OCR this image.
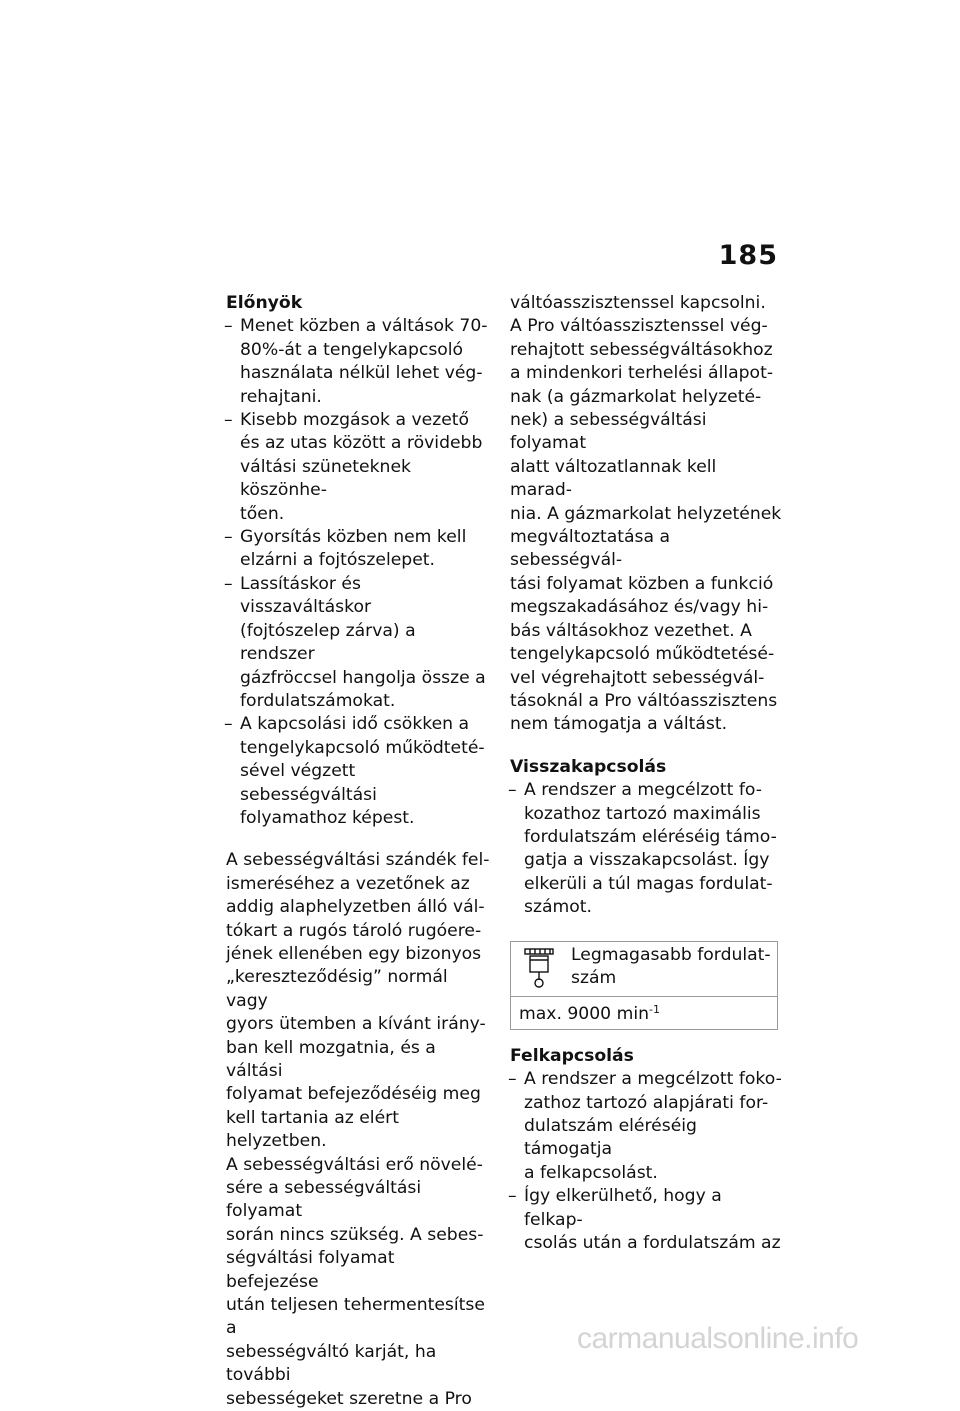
185

Előnyök

– Menet közben a váltások 70-
80%-át a tengelykapcsoló
használata nélkül lehet vég-
rehajtani.
– Kisebb mozgások a vezető
és az utas között a rövidebb
váltási szüneteknek köszönhe-
tően.
– Gyorsítás közben nem kell
elzárni a fojtószelepet.
– Lassításkor és visszaváltáskor
(fojtószelep zárva) a rendszer
gázfröccsel hangolja össze a
fordulatszámokat.
– A kapcsolási idő csökken a
tengelykapcsoló működteté-
sével végzett sebességváltási
folyamathoz képest.

A sebességváltási szándék fel-
ismeréséhez a vezetőnek az
addig alaphelyzetben álló vál-
tókart a rugós tároló rugóere-
jének ellenében egy bizonyos
„kereszteződésig” normál vagy
gyors ütemben a kívánt irány-
ban kell mozgatnia, és a váltási
folyamat befejeződéséig meg
kell tartania az elért helyzetben.
A sebességváltási erő növelé-
sére a sebességváltási folyamat
során nincs szükség. A sebes-
ségváltási folyamat befejezése
után teljesen tehermentesítse a
sebességváltó karját, ha további
sebességeket szeretne a Pro

váltóasszisztenssel kapcsolni.
A Pro váltóasszisztenssel vég-
rehajtott sebességváltásokhoz
a mindenkori terhelési állapot-
nak (a gázmarkolat helyzeté-
nek) a sebességváltási folyamat
alatt változatlannak kell marad-
nia. A gázmarkolat helyzetének
megváltoztatása a sebességvál-
tási folyamat közben a funkció
megszakadásához és/vagy hi-
bás váltásokhoz vezethet. A
tengelykapcsoló működtetésé-
vel végrehajtott sebességvál-
tásoknál a Pro váltóasszisztens
nem támogatja a váltást.

Visszakapcsolás

– A rendszer a megcélzott fo-
kozathoz tartozó maximális
fordulatszám eléréséig támo-
gatja a visszakapcsolást. Így
elkerüli a túl magas fordulat-
számot.
Legmagasabb fordulat-
szám
max. 9000 $\min^{-1}$

Felkapcsolás

– A rendszer a megcélzott foko-
zathoz tartozó alapjárati for-
dulatszám eléréséig támogatja
a felkapcsolást.
– Így elkerülhető, hogy a felkap-
csolás után a fordulatszám az
carmanualsonline.info
